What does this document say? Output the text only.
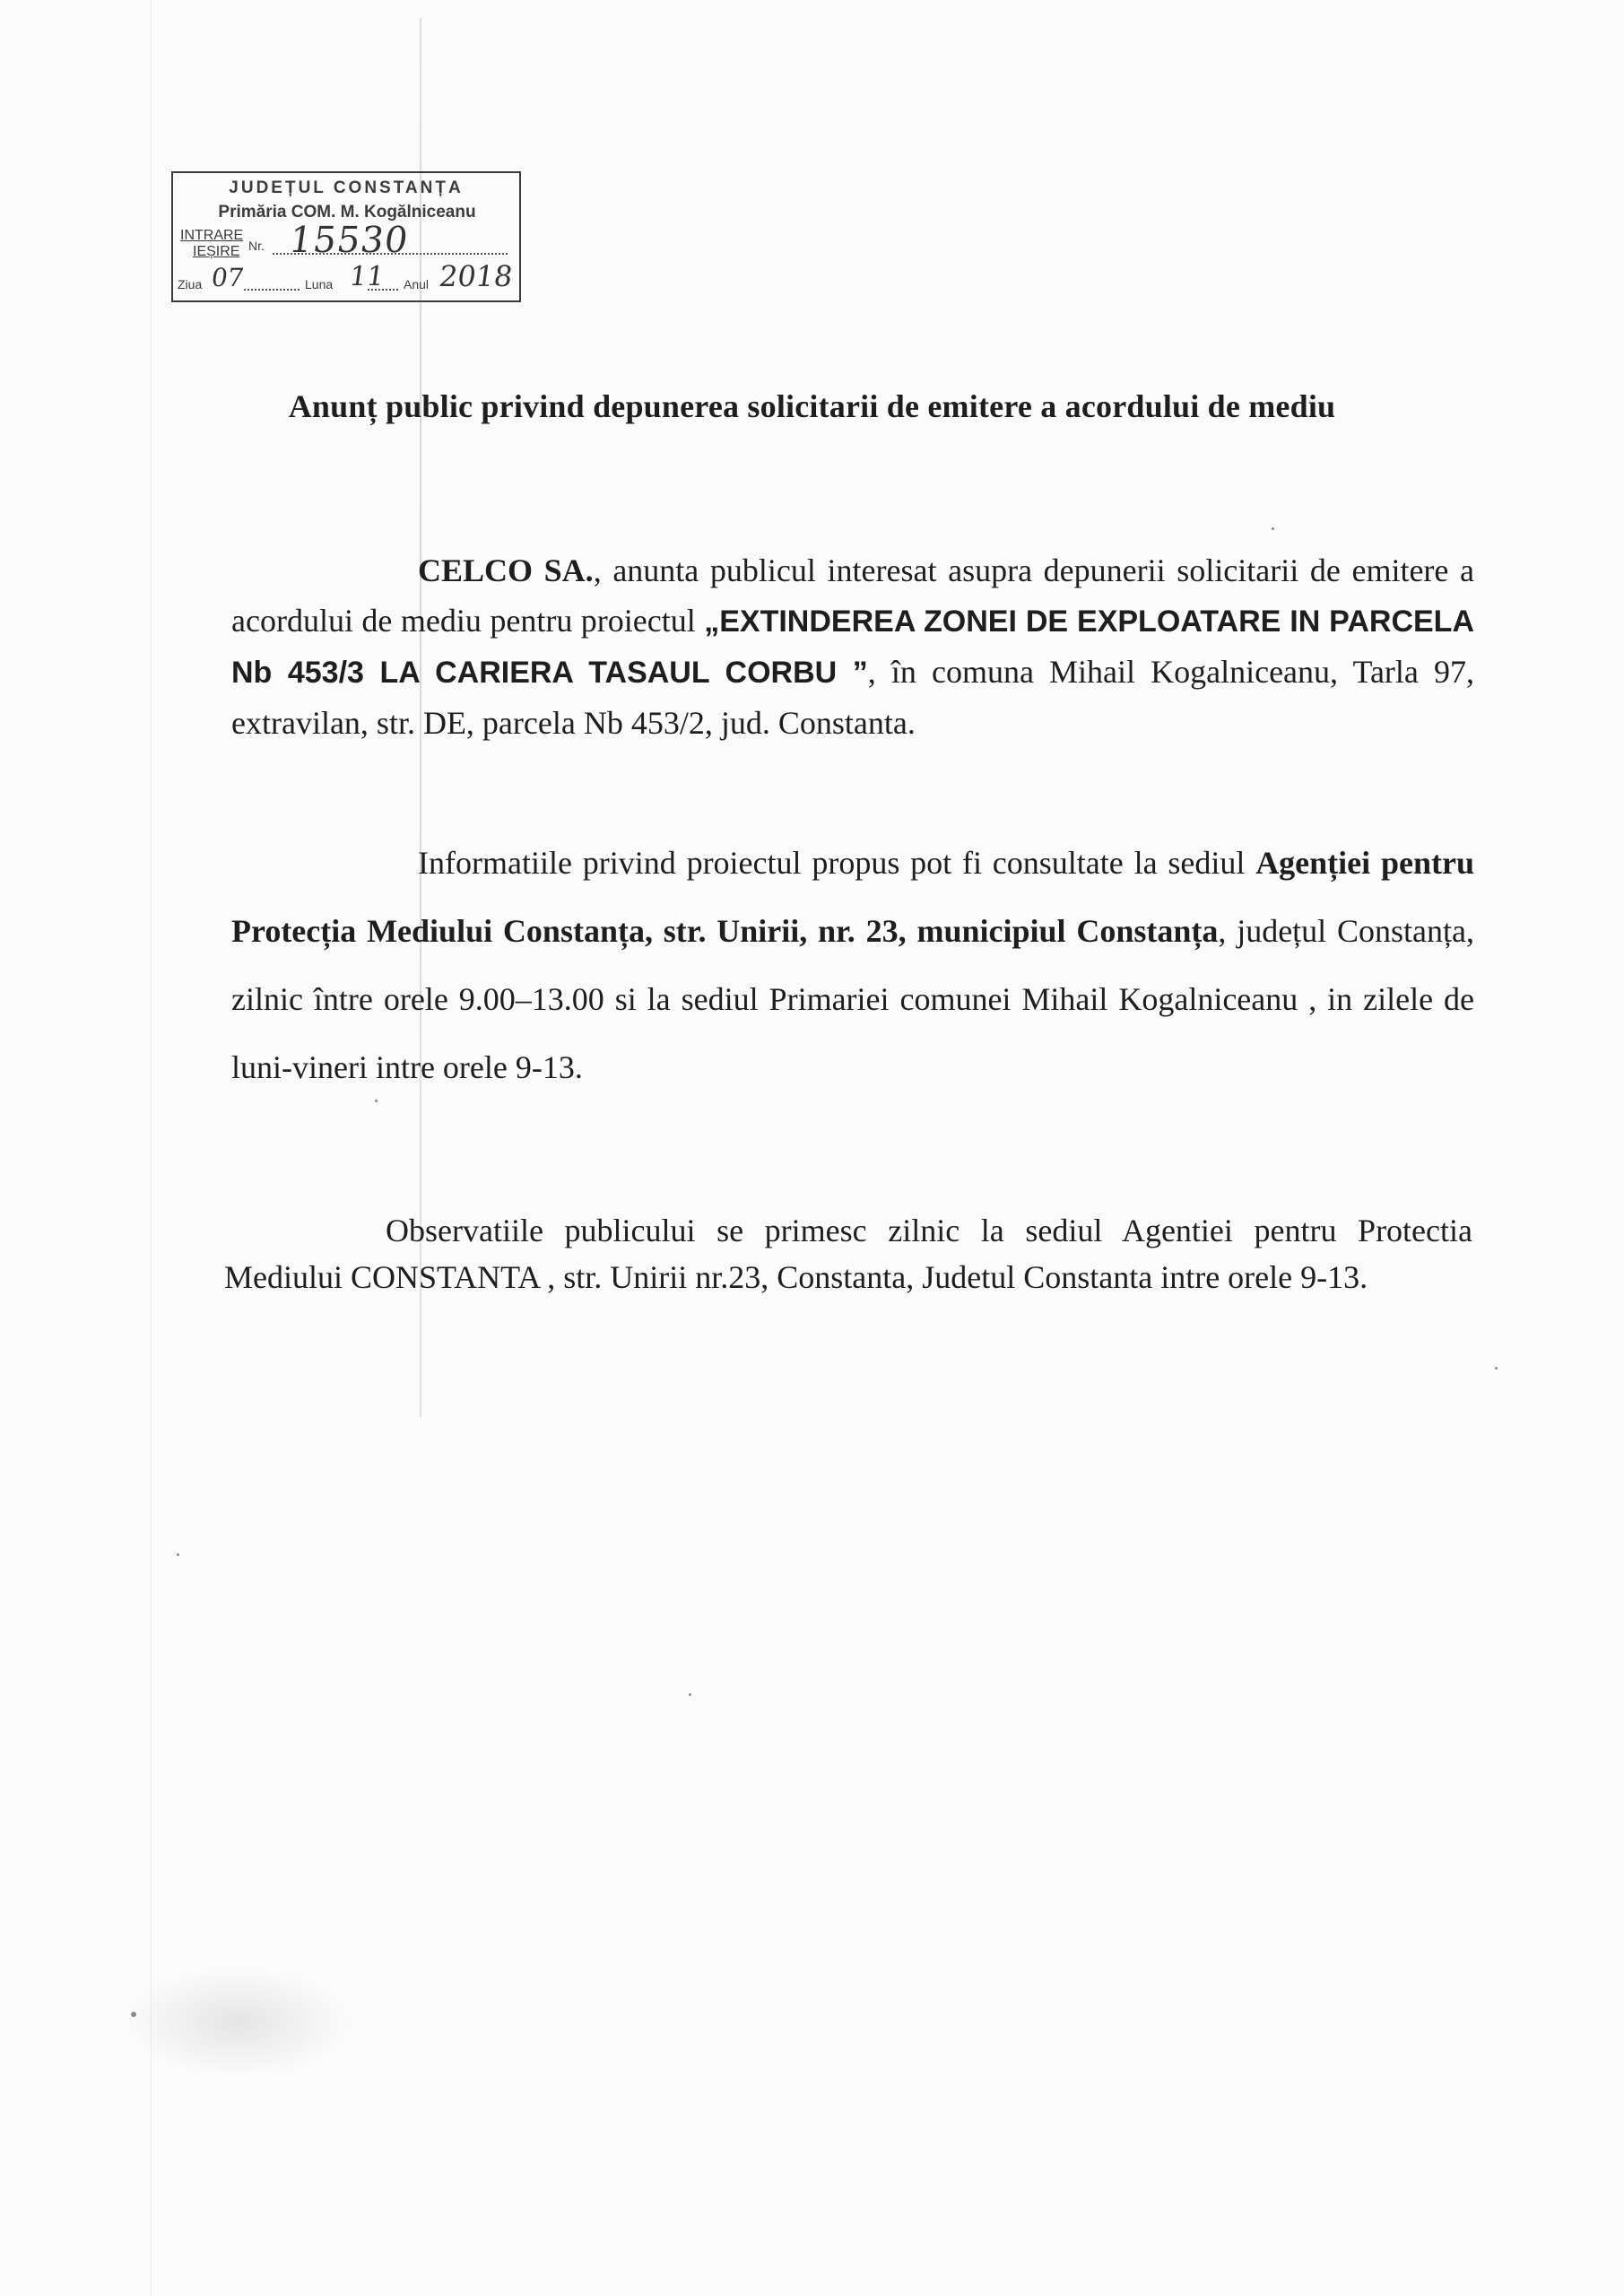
JUDEȚUL CONSTANȚA
Primăria COM. M. Kogălniceanu
INTRARE
IEȘIRE Nr. 15530
Ziua 07	Luna 11 Anul 2018
Anunț public privind depunerea solicitarii de emitere a acordului de mediu
CELCO SA., anunta publicul interesat asupra depunerii solicitarii de emitere a acordului de mediu pentru proiectul „EXTINDEREA ZONEI DE EXPLOATARE IN PARCELA Nb 453/3 LA CARIERA TASAUL CORBU ”, în comuna Mihail Kogalniceanu, Tarla 97, extravilan, str. DE, parcela Nb 453/2, jud. Constanta.
Informatiile privind proiectul propus pot fi consultate la sediul Agenției pentru Protecția Mediului Constanța, str. Unirii, nr. 23, municipiul Constanța, județul Constanța, zilnic între orele 9.00–13.00 si la sediul Primariei comunei Mihail Kogalniceanu , in zilele de luni-vineri intre orele 9-13.
Observatiile publicului se primesc zilnic la sediul Agentiei pentru Protectia Mediului CONSTANTA , str. Unirii nr.23, Constanta, Judetul Constanta intre orele 9-13.
